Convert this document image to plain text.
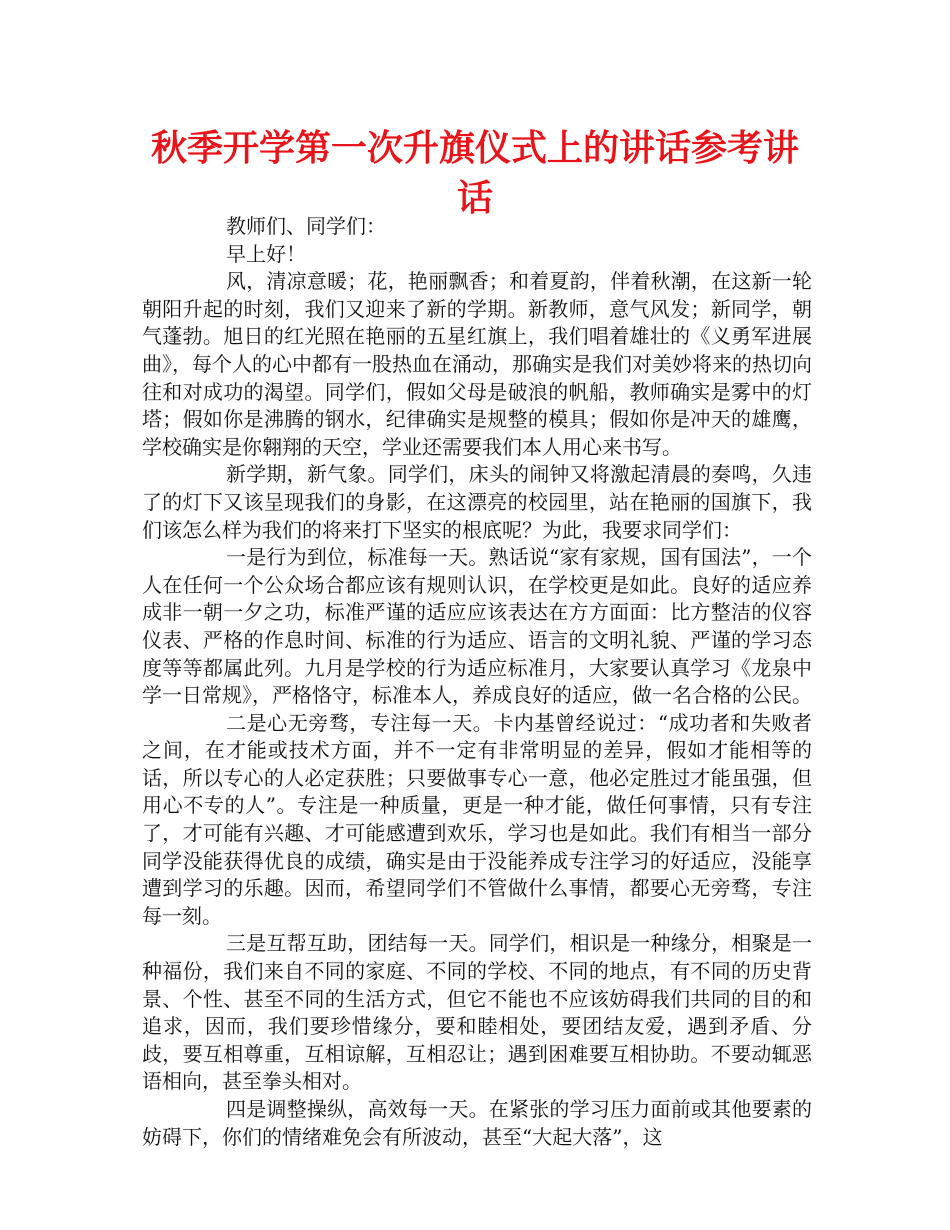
秋季开学第一次升旗仪式上的讲话参考讲话

教师们、同学们：

早上好！

风，清凉意暖；花，艳丽飘香；和着夏韵，伴着秋潮，在这新一轮朝阳升起的时刻，我们又迎来了新的学期。新教师，意气风发；新同学，朝气蓬勃。旭日的红光照在艳丽的五星红旗上，我们唱着雄壮的《义勇军进展曲》，每个人的心中都有一股热血在涌动，那确实是我们对美妙将来的热切向往和对成功的渴望。同学们，假如父母是破浪的帆船，教师确实是雾中的灯塔；假如你是沸腾的钢水，纪律确实是规整的模具；假如你是冲天的雄鹰，学校确实是你翱翔的天空，学业还需要我们本人用心来书写。

新学期，新气象。同学们，床头的闹钟又将激起清晨的奏鸣，久违了的灯下又该呈现我们的身影，在这漂亮的校园里，站在艳丽的国旗下，我们该怎么样为我们的将来打下坚实的根底呢？为此，我要求同学们：

一是行为到位，标准每一天。熟话说“家有家规，国有国法”，一个人在任何一个公众场合都应该有规则认识，在学校更是如此。良好的适应养成非一朝一夕之功，标准严谨的适应应该表达在方方面面：比方整洁的仪容仪表、严格的作息时间、标准的行为适应、语言的文明礼貌、严谨的学习态度等等都属此列。九月是学校的行为适应标准月，大家要认真学习《龙泉中学一日常规》，严格恪守，标准本人，养成良好的适应，做一名合格的公民。

二是心无旁骛，专注每一天。卡内基曾经说过：“成功者和失败者之间，在才能或技术方面，并不一定有非常明显的差异，假如才能相等的话，所以专心的人必定获胜；只要做事专心一意，他必定胜过才能虽强，但用心不专的人”。专注是一种质量，更是一种才能，做任何事情，只有专注了，才可能有兴趣、才可能感遭到欢乐，学习也是如此。我们有相当一部分同学没能获得优良的成绩，确实是由于没能养成专注学习的好适应，没能享遭到学习的乐趣。因而，希望同学们不管做什么事情，都要心无旁骛，专注每一刻。

三是互帮互助，团结每一天。同学们，相识是一种缘分，相聚是一种福份，我们来自不同的家庭、不同的学校、不同的地点，有不同的历史背景、个性、甚至不同的生活方式，但它不能也不应该妨碍我们共同的目的和追求，因而，我们要珍惜缘分，要和睦相处，要团结友爱，遇到矛盾、分歧，要互相尊重，互相谅解，互相忍让；遇到困难要互相协助。不要动辄恶语相向，甚至拳头相对。

四是调整操纵，高效每一天。在紧张的学习压力面前或其他要素的妨碍下，你们的情绪难免会有所波动，甚至“大起大落”，这
